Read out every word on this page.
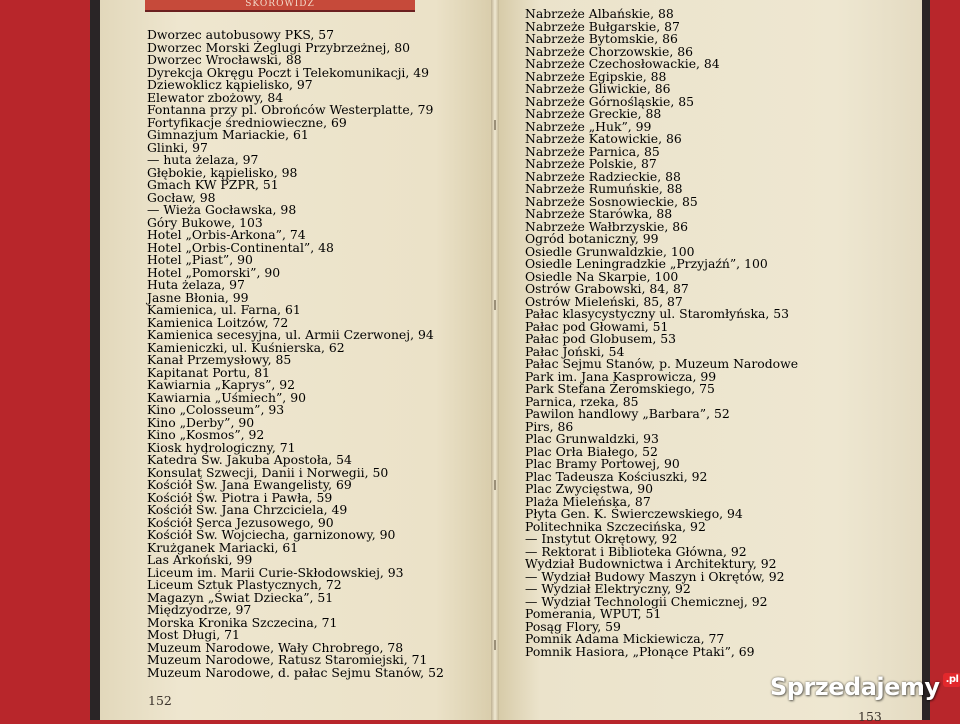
SKOROWIDZ
Dworzec autobusowy PKS, 57
Dworzec Morski Żeglugi Przybrzeżnej, 80
Dworzec Wrocławski, 88
Dyrekcja Okręgu Poczt i Telekomunikacji, 49
Dziewoklicz kąpielisko, 97
Elewator zbożowy, 84
Fontanna przy pl. Obrońców Westerplatte, 79
Fortyfikacje średniowieczne, 69
Gimnazjum Mariackie, 61
Glinki, 97
— huta żelaza, 97
Głębokie, kąpielisko, 98
Gmach KW PZPR, 51
Gocław, 98
— Wieża Gocławska, 98
Góry Bukowe, 103
Hotel „Orbis-Arkona”, 74
Hotel „Orbis-Continental”, 48
Hotel „Piast”, 90
Hotel „Pomorski”, 90
Huta żelaza, 97
Jasne Błonia, 99
Kamienica, ul. Farna, 61
Kamienica Loitzów, 72
Kamienica secesyjna, ul. Armii Czerwonej, 94
Kamieniczki, ul. Kuśnierska, 62
Kanał Przemysłowy, 85
Kapitanat Portu, 81
Kawiarnia „Kaprys”, 92
Kawiarnia „Uśmiech”, 90
Kino „Colosseum”, 93
Kino „Derby”, 90
Kino „Kosmos”, 92
Kiosk hydrologiczny, 71
Katedra Św. Jakuba Apostoła, 54
Konsulat Szwecji, Danii i Norwegii, 50
Kościół Św. Jana Ewangelisty, 69
Kościół Św. Piotra i Pawła, 59
Kościół Św. Jana Chrzciciela, 49
Kościół Serca Jezusowego, 90
Kościół Św. Wojciecha, garnizonowy, 90
Krużganek Mariacki, 61
Las Arkoński, 99
Liceum im. Marii Curie-Skłodowskiej, 93
Liceum Sztuk Plastycznych, 72
Magazyn „Świat Dziecka”, 51
Międzyodrze, 97
Morska Kronika Szczecina, 71
Most Długi, 71
Muzeum Narodowe, Wały Chrobrego, 78
Muzeum Narodowe, Ratusz Staromiejski, 71
Muzeum Narodowe, d. pałac Sejmu Stanów, 52
Nabrzeże Albańskie, 88
Nabrzeże Bułgarskie, 87
Nabrzeże Bytomskie, 86
Nabrzeże Chorzowskie, 86
Nabrzeże Czechosłowackie, 84
Nabrzeże Egipskie, 88
Nabrzeże Gliwickie, 86
Nabrzeże Górnośląskie, 85
Nabrzeże Greckie, 88
Nabrzeże „Huk”, 99
Nabrzeże Katowickie, 86
Nabrzeże Parnica, 85
Nabrzeże Polskie, 87
Nabrzeże Radzieckie, 88
Nabrzeże Rumuńskie, 88
Nabrzeże Sosnowieckie, 85
Nabrzeże Starówka, 88
Nabrzeże Wałbrzyskie, 86
Ogród botaniczny, 99
Osiedle Grunwaldzkie, 100
Osiedle Leningradzkie „Przyjaźń”, 100
Osiedle Na Skarpie, 100
Ostrów Grabowski, 84, 87
Ostrów Mieleński, 85, 87
Pałac klasycystyczny ul. Staromłyńska, 53
Pałac pod Głowami, 51
Pałac pod Globusem, 53
Pałac Joński, 54
Pałac Sejmu Stanów, p. Muzeum Narodowe
Park im. Jana Kasprowicza, 99
Park Stefana Żeromskiego, 75
Parnica, rzeka, 85
Pawilon handlowy „Barbara”, 52
Pirs, 86
Plac Grunwaldzki, 93
Plac Orła Białego, 52
Plac Bramy Portowej, 90
Plac Tadeusza Kościuszki, 92
Plac Zwycięstwa, 90
Plaża Mieleńska, 87
Płyta Gen. K. Świerczewskiego, 94
Politechnika Szczecińska, 92
— Instytut Okrętowy, 92
— Rektorat i Biblioteka Główna, 92
Wydział Budownictwa i Architektury, 92
— Wydział Budowy Maszyn i Okrętów, 92
— Wydział Elektryczny, 92
— Wydział Technologii Chemicznej, 92
Pomerania, WPUT, 51
Posąg Flory, 59
Pomnik Adama Mickiewicza, 77
Pomnik Hasiora, „Płonące Ptaki”, 69
152
153
Sprzedajemy .pl
